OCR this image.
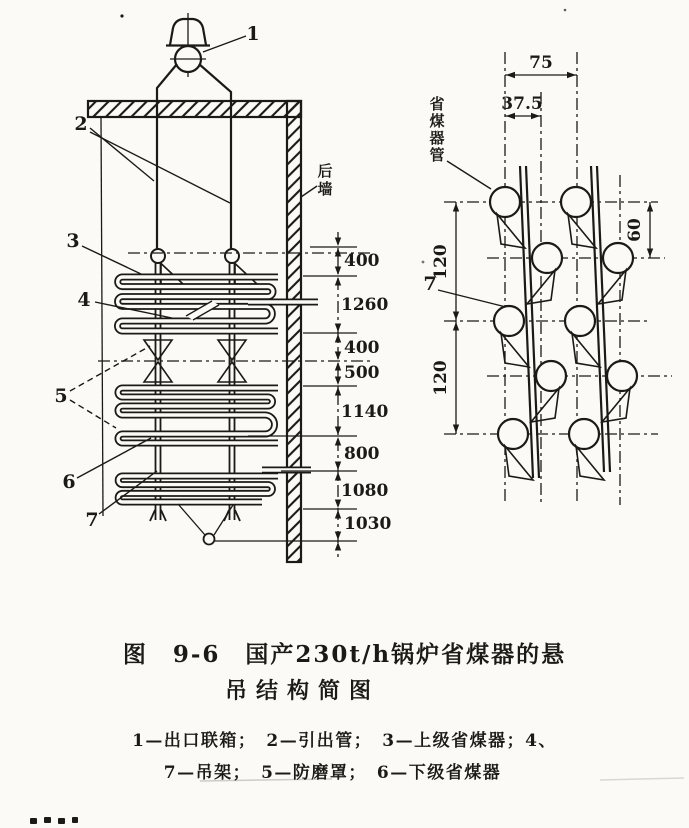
400
1260
400
500
1140
800
1080
1030
1
2
3
4
5
6
7
后
墙
75
37.5
120
120
60
省
煤
器
管
7
图　9-6　国产230t/h锅炉省煤器的悬
吊结构简图
1—出口联箱；　2—引出管；　3—上级省煤器；4、
7—吊架；　5—防磨罩；　6—下级省煤器
